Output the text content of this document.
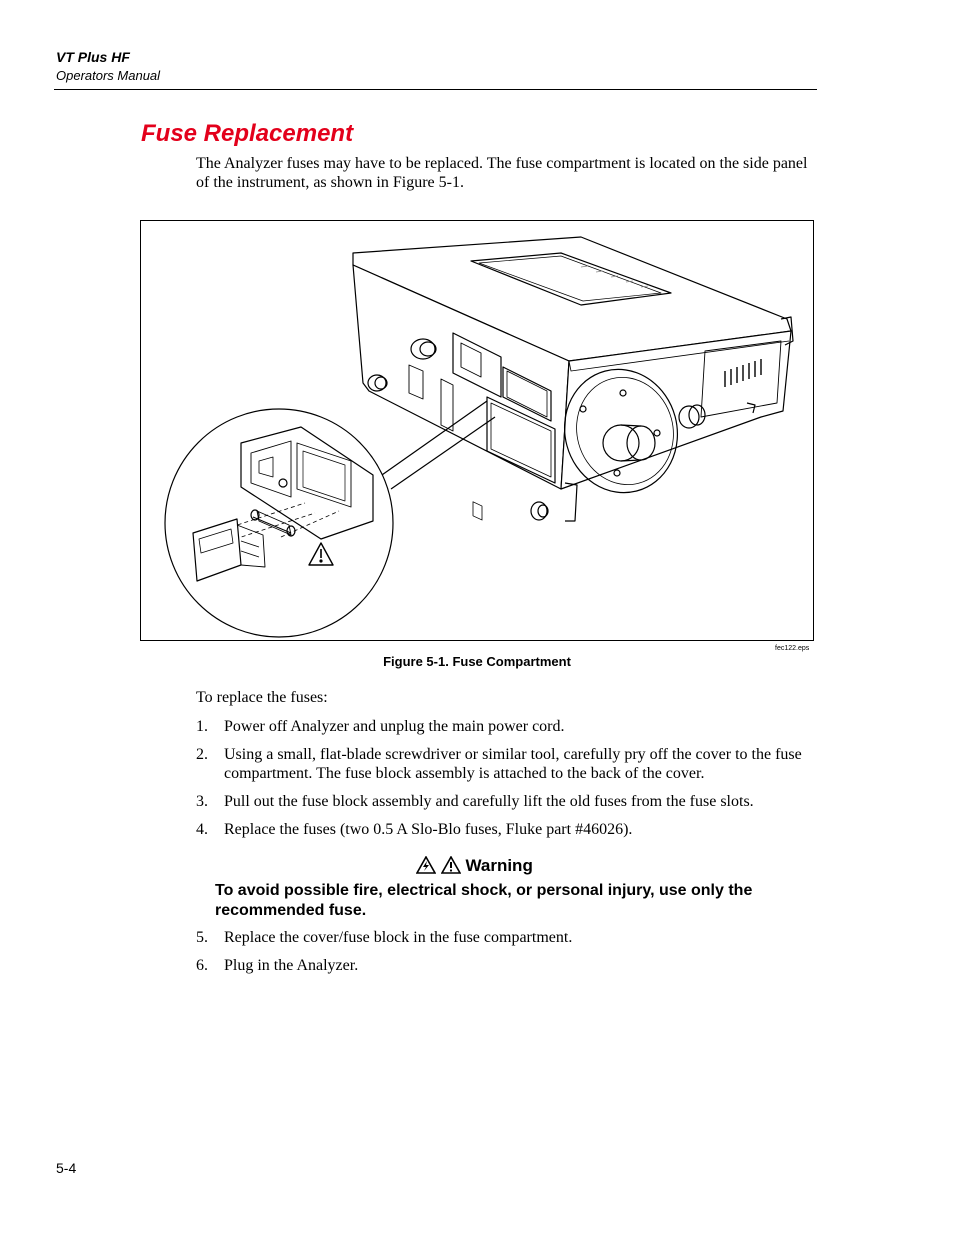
VT Plus HF
Operators Manual
Fuse Replacement
The Analyzer fuses may have to be replaced. The fuse compartment is located on the side panel of the instrument, as shown in Figure 5-1.
fec122.eps
Figure 5-1. Fuse Compartment
To replace the fuses:
1. Power off Analyzer and unplug the main power cord.
2. Using a small, flat-blade screwdriver or similar tool, carefully pry off the cover to the fuse compartment. The fuse block assembly is attached to the back of the cover.
3. Pull out the fuse block assembly and carefully lift the old fuses from the fuse slots.
4. Replace the fuses (two 0.5 A Slo-Blo fuses, Fluke part #46026).
Warning
To avoid possible fire, electrical shock, or personal injury, use only the recommended fuse.
5. Replace the cover/fuse block in the fuse compartment.
6. Plug in the Analyzer.
5-4
